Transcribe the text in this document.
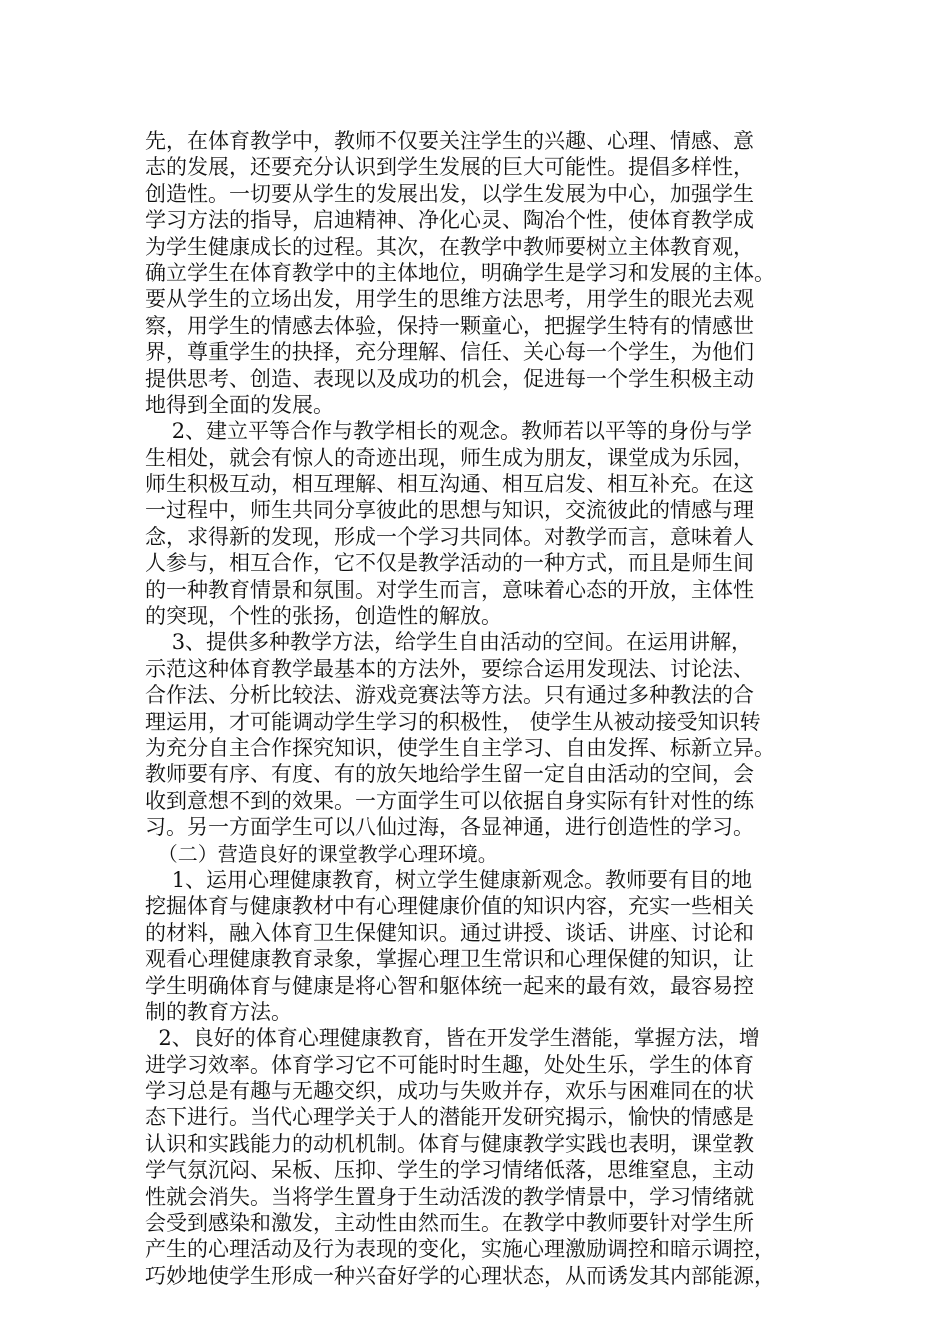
先，在体育教学中，教师不仅要关注学生的兴趣、心理、情感、意
志的发展，还要充分认识到学生发展的巨大可能性。提倡多样性，
创造性。一切要从学生的发展出发，以学生发展为中心，加强学生
学习方法的指导，启迪精神、净化心灵、陶冶个性，使体育教学成
为学生健康成长的过程。其次，在教学中教师要树立主体教育观，
确立学生在体育教学中的主体地位，明确学生是学习和发展的主体。
要从学生的立场出发，用学生的思维方法思考，用学生的眼光去观
察，用学生的情感去体验，保持一颗童心，把握学生特有的情感世
界，尊重学生的抉择，充分理解、信任、关心每一个学生，为他们
提供思考、创造、表现以及成功的机会，促进每一个学生积极主动
地得到全面的发展。
2、建立平等合作与教学相长的观念。教师若以平等的身份与学
生相处，就会有惊人的奇迹出现，师生成为朋友，课堂成为乐园，
师生积极互动，相互理解、相互沟通、相互启发、相互补充。在这
一过程中，师生共同分享彼此的思想与知识，交流彼此的情感与理
念，求得新的发现，形成一个学习共同体。对教学而言，意味着人
人参与，相互合作，它不仅是教学活动的一种方式，而且是师生间
的一种教育情景和氛围。对学生而言，意味着心态的开放，主体性
的突现，个性的张扬，创造性的解放。
3、提供多种教学方法，给学生自由活动的空间。在运用讲解，
示范这种体育教学最基本的方法外，要综合运用发现法、讨论法、
合作法、分析比较法、游戏竞赛法等方法。只有通过多种教法的合
理运用，才可能调动学生学习的积极性， 使学生从被动接受知识转
为充分自主合作探究知识，使学生自主学习、自由发挥、标新立异。
教师要有序、有度、有的放矢地给学生留一定自由活动的空间，会
收到意想不到的效果。一方面学生可以依据自身实际有针对性的练
习。另一方面学生可以八仙过海，各显神通，进行创造性的学习。
（二）营造良好的课堂教学心理环境。
1、运用心理健康教育，树立学生健康新观念。教师要有目的地
挖掘体育与健康教材中有心理健康价值的知识内容，充实一些相关
的材料，融入体育卫生保健知识。通过讲授、谈话、讲座、讨论和
观看心理健康教育录象，掌握心理卫生常识和心理保健的知识，让
学生明确体育与健康是将心智和躯体统一起来的最有效，最容易控
制的教育方法。
2、良好的体育心理健康教育，皆在开发学生潜能，掌握方法，增
进学习效率。体育学习它不可能时时生趣，处处生乐，学生的体育
学习总是有趣与无趣交织，成功与失败并存，欢乐与困难同在的状
态下进行。当代心理学关于人的潜能开发研究揭示，愉快的情感是
认识和实践能力的动机机制。体育与健康教学实践也表明，课堂教
学气氛沉闷、呆板、压抑、学生的学习情绪低落，思维窒息，主动
性就会消失。当将学生置身于生动活泼的教学情景中，学习情绪就
会受到感染和激发，主动性由然而生。在教学中教师要针对学生所
产生的心理活动及行为表现的变化，实施心理激励调控和暗示调控，
巧妙地使学生形成一种兴奋好学的心理状态，从而诱发其内部能源，
